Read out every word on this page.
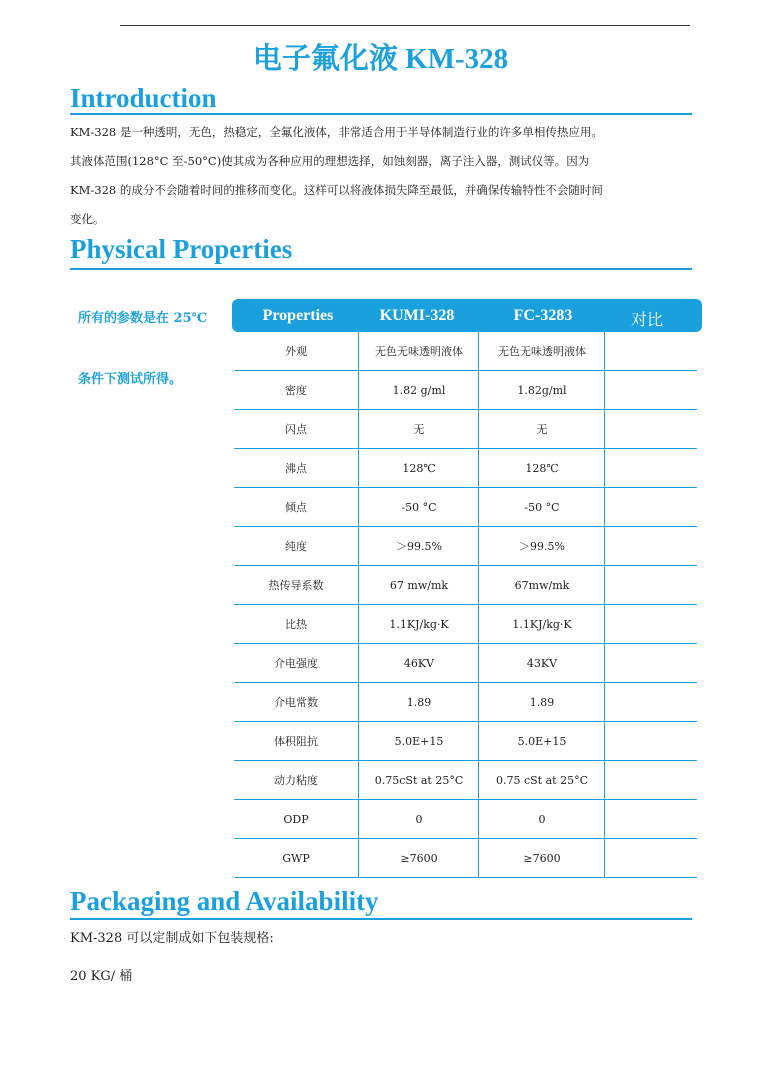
电子氟化液 KM-328
Introduction

KM-328 是一种透明，无色，热稳定，全氟化液体，非常适合用于半导体制造行业的许多单相传热应用。

其液体范围(128°C 至-50°C)使其成为各种应用的理想选择，如蚀刻器，离子注入器，测试仪等。因为

KM-328 的成分不会随着时间的推移而变化。这样可以将液体损失降至最低，并确保传输特性不会随时间

变化。

Physical Properties
所有的参数是在 25℃
条件下测试所得。
Properties	KUMI-328	FC-3283	对比
外观	无色无味透明液体	无色无味透明液体
密度	1.82 g/ml	1.82g/ml
闪点	无	无
沸点	128℃	128℃
倾点	-50 °C	-50 °C
纯度	＞99.5%	＞99.5%
热传导系数	67 mw/mk	67mw/mk
比热	1.1KJ/kg·K	1.1KJ/kg·K
介电强度	46KV	43KV
介电常数	1.89	1.89
体积阻抗	5.0E+15	5.0E+15
动力粘度	0.75cSt at 25°C	0.75 cSt at 25°C
ODP	0	0
GWP	≥7600	≥7600
Packaging and Availability
KM-328 可以定制成如下包装规格:
20 KG/ 桶
